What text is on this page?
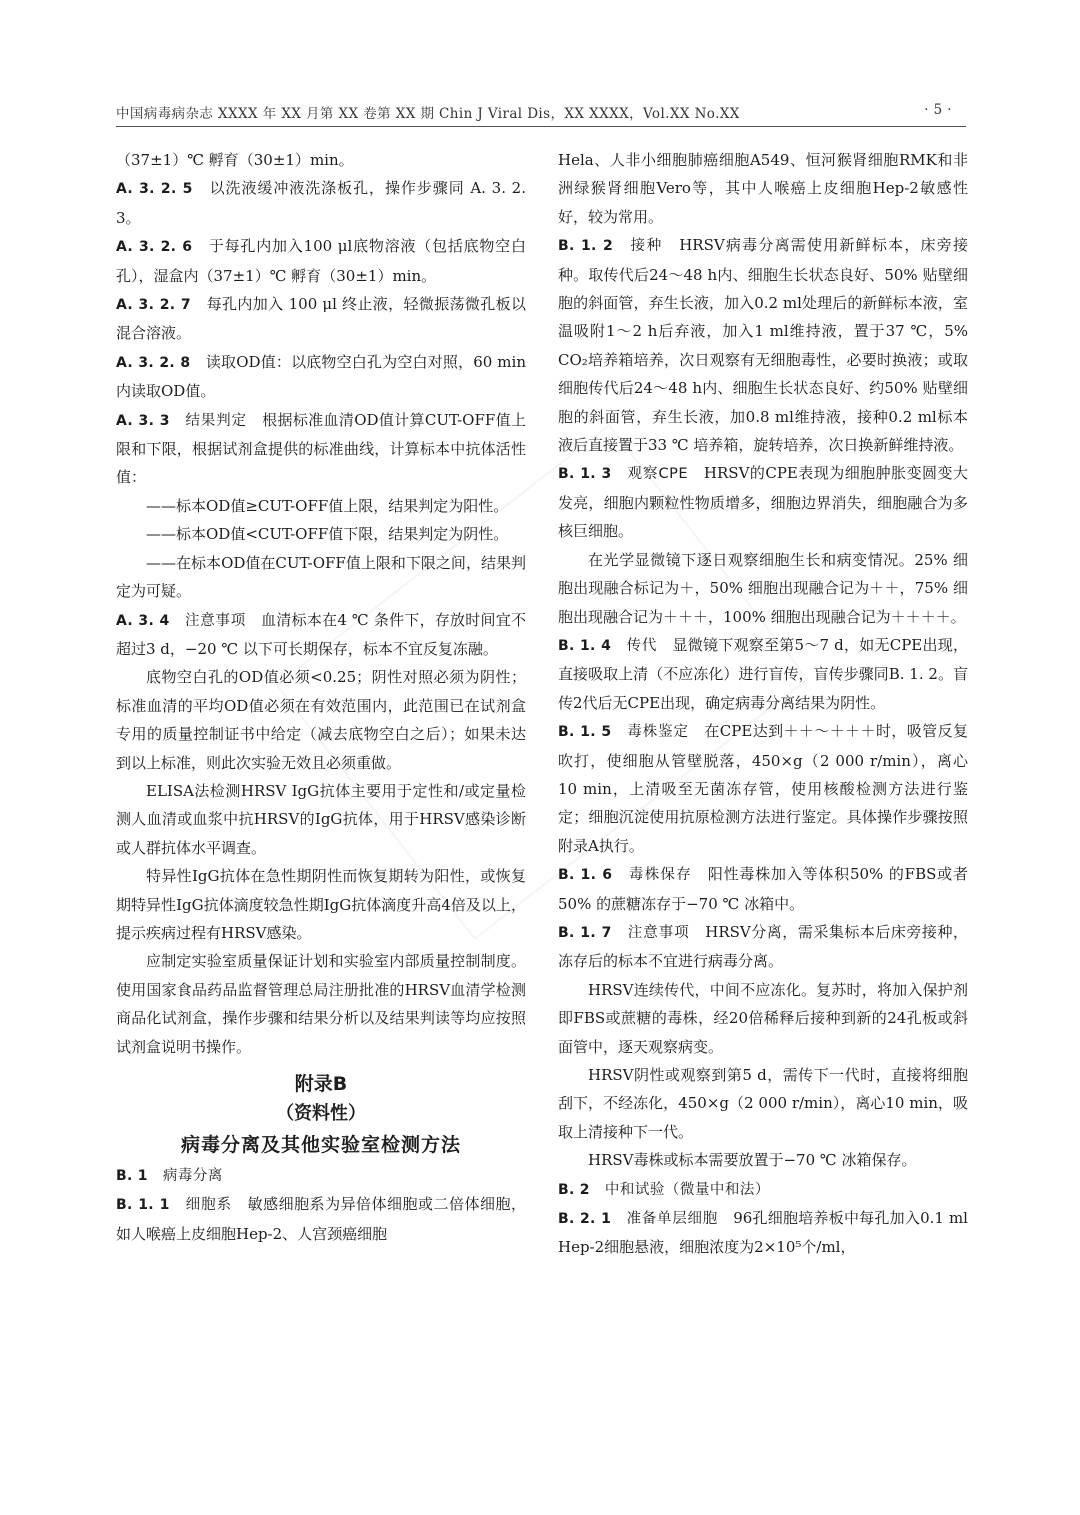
中国病毒病杂志 XXXX 年 XX 月第 XX 卷第 XX 期 Chin J Viral Dis，XX XXXX，Vol.XX No.XX	· 5 ·

（37±1）℃ 孵育（30±1）min。

A. 3. 2. 5　 以洗液缓冲液洗涤板孔，操作步骤同 A. 3. 2. 3。

A. 3. 2. 6　 于每孔内加入100 μl底物溶液（包括底物空白孔），湿盒内（37±1）℃ 孵育（30±1）min。

A. 3. 2. 7　 每孔内加入 100 μl 终止液，轻微振荡微孔板以混合溶液。

A. 3. 2. 8　 读取OD值：以底物空白孔为空白对照，60 min内读取OD值。

A. 3. 3　 结果判定　 根据标准血清OD值计算CUT-OFF值上限和下限，根据试剂盒提供的标准曲线，计算标本中抗体活性值：

——标本OD值≥CUT-OFF值上限，结果判定为阳性。

——标本OD值<CUT-OFF值下限，结果判定为阴性。

——在标本OD值在CUT-OFF值上限和下限之间，结果判定为可疑。

A. 3. 4　 注意事项　 血清标本在4 ℃ 条件下，存放时间宜不超过3 d，−20 ℃ 以下可长期保存，标本不宜反复冻融。

底物空白孔的OD值必须<0.25；阴性对照必须为阴性；标准血清的平均OD值必须在有效范围内，此范围已在试剂盒专用的质量控制证书中给定（减去底物空白之后）；如果未达到以上标准，则此次实验无效且必须重做。

ELISA法检测HRSV IgG抗体主要用于定性和/或定量检测人血清或血浆中抗HRSV的IgG抗体，用于HRSV感染诊断或人群抗体水平调查。

特异性IgG抗体在急性期阴性而恢复期转为阳性，或恢复期特异性IgG抗体滴度较急性期IgG抗体滴度升高4倍及以上，提示疾病过程有HRSV感染。

应制定实验室质量保证计划和实验室内部质量控制制度。使用国家食品药品监督管理总局注册批准的HRSV血清学检测商品化试剂盒，操作步骤和结果分析以及结果判读等均应按照试剂盒说明书操作。

附录B
（资料性）
病毒分离及其他实验室检测方法

B. 1　 病毒分离

B. 1. 1　 细胞系　 敏感细胞系为异倍体细胞或二倍体细胞，如人喉癌上皮细胞Hep-2、人宫颈癌细胞

Hela、人非小细胞肺癌细胞A549、恒河猴肾细胞RMK和非洲绿猴肾细胞Vero等，其中人喉癌上皮细胞Hep-2敏感性好，较为常用。

B. 1. 2　 接种　 HRSV病毒分离需使用新鲜标本，床旁接种。取传代后24～48 h内、细胞生长状态良好、50% 贴壁细胞的斜面管，弃生长液，加入0.2 ml处理后的新鲜标本液，室温吸附1～2 h后弃液，加入1 ml维持液，置于37 ℃，5% CO₂培养箱培养，次日观察有无细胞毒性，必要时换液；或取细胞传代后24～48 h内、细胞生长状态良好、约50% 贴壁细胞的斜面管，弃生长液，加0.8 ml维持液，接种0.2 ml标本液后直接置于33 ℃ 培养箱，旋转培养，次日换新鲜维持液。

B. 1. 3　 观察CPE　 HRSV的CPE表现为细胞肿胀变圆变大发亮，细胞内颗粒性物质增多，细胞边界消失，细胞融合为多核巨细胞。

在光学显微镜下逐日观察细胞生长和病变情况。25% 细胞出现融合标记为＋，50% 细胞出现融合记为＋＋，75% 细胞出现融合记为＋＋＋，100% 细胞出现融合记为＋＋＋＋。

B. 1. 4　 传代　 显微镜下观察至第5～7 d，如无CPE出现，直接吸取上清（不应冻化）进行盲传，盲传步骤同B. 1. 2。盲传2代后无CPE出现，确定病毒分离结果为阴性。

B. 1. 5　 毒株鉴定　 在CPE达到＋＋～＋＋＋时，吸管反复吹打，使细胞从管壁脱落，450×g（2 000 r/min），离心 10 min，上清吸至无菌冻存管，使用核酸检测方法进行鉴定；细胞沉淀使用抗原检测方法进行鉴定。具体操作步骤按照附录A执行。

B. 1. 6　 毒株保存　 阳性毒株加入等体积50% 的FBS或者50% 的蔗糖冻存于−70 ℃ 冰箱中。

B. 1. 7　 注意事项　 HRSV分离，需采集标本后床旁接种，冻存后的标本不宜进行病毒分离。

HRSV连续传代，中间不应冻化。复苏时，将加入保护剂即FBS或蔗糖的毒株，经20倍稀释后接种到新的24孔板或斜面管中，逐天观察病变。

HRSV阴性或观察到第5 d，需传下一代时，直接将细胞刮下，不经冻化，450×g（2 000 r/min），离心10 min，吸取上清接种下一代。

HRSV毒株或标本需要放置于−70 ℃ 冰箱保存。

B. 2　 中和试验（微量中和法）

B. 2. 1　 准备单层细胞　 96孔细胞培养板中每孔加入0.1 ml Hep-2细胞悬液，细胞浓度为2×10⁵个/ml，
